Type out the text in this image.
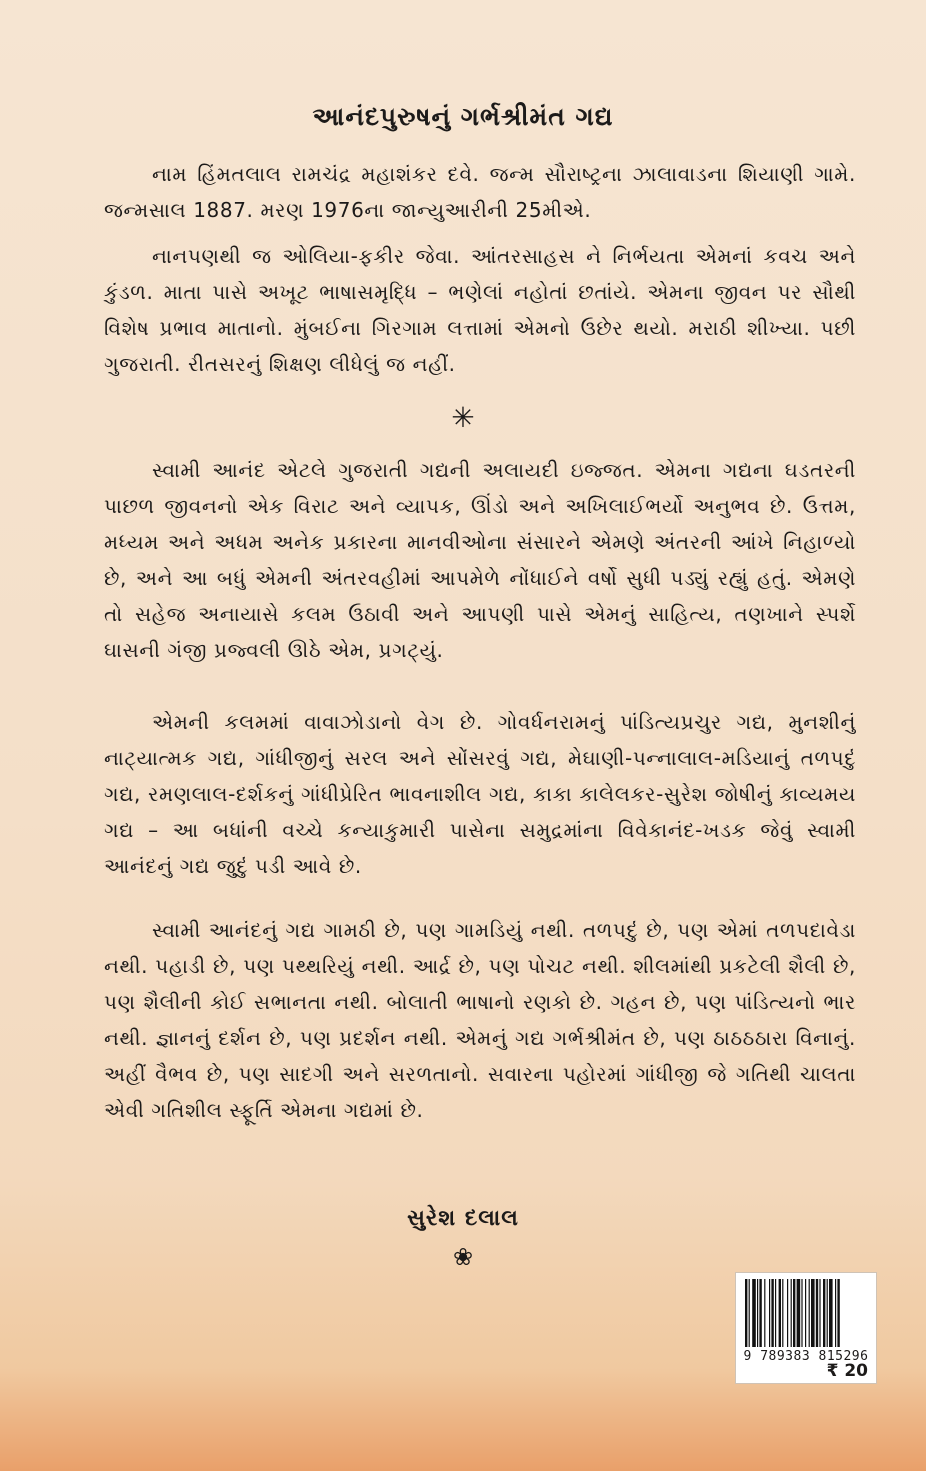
આનંદપુરુષનું ગર્ભશ્રીમંત ગદ્ય

નામ હિંમતલાલ રામચંદ્ર મહાશંકર દવે. જન્મ સૌરાષ્ટ્રના ઝાલાવાડના શિયાણી ગામે. જન્મસાલ 1887. મરણ 1976ના જાન્યુઆરીની 25મીએ.

નાનપણથી જ ઓલિયા-ફકીર જેવા. આંતરસાહસ ને નિર્ભયતા એમનાં કવચ અને કુંડળ. માતા પાસે અખૂટ ભાષાસમૃદ્ધિ – ભણેલાં નહોતાં છતાંયે. એમના જીવન પર સૌથી વિશેષ પ્રભાવ માતાનો. મુંબઈના ગિરગામ લત્તામાં એમનો ઉછેર થયો. મરાઠી શીખ્યા. પછી ગુજરાતી. રીતસરનું શિક્ષણ લીધેલું જ નહીં.

✳

સ્વામી આનંદ એટલે ગુજરાતી ગદ્યની અલાયદી ઇજ્જત. એમના ગદ્યના ઘડતરની પાછળ જીવનનો એક વિરાટ અને વ્યાપક, ઊંડો અને અખિલાઈભર્યો અનુભવ છે. ઉત્તમ, મધ્યમ અને અધમ અનેક પ્રકારના માનવીઓના સંસારને એમણે અંતરની આંખે નિહાળ્યો છે, અને આ બધું એમની અંતરવહીમાં આપમેળે નોંધાઈને વર્ષો સુધી પડ્યું રહ્યું હતું. એમણે તો સહેજ અનાયાસે કલમ ઉઠાવી અને આપણી પાસે એમનું સાહિત્ય, તણખાને સ્પર્શે ઘાસની ગંજી પ્રજ્વલી ઊઠે એમ, પ્રગટ્યું.

એમની કલમમાં વાવાઝોડાનો વેગ છે. ગોવર્ધનરામનું પાંડિત્યપ્રચુર ગદ્ય, મુનશીનું નાટ્યાત્મક ગદ્ય, ગાંધીજીનું સરલ અને સોંસરવું ગદ્ય, મેઘાણી-પન્નાલાલ-મડિયાનું તળપદું ગદ્ય, રમણલાલ-દર્શકનું ગાંધીપ્રેરિત ભાવનાશીલ ગદ્ય, કાકા કાલેલકર-સુરેશ જોષીનું કાવ્યમય ગદ્ય – આ બધાંની વચ્ચે કન્યાકુમારી પાસેના સમુદ્રમાંના વિવેકાનંદ-ખડક જેવું સ્વામી આનંદનું ગદ્ય જુદું પડી આવે છે.

સ્વામી આનંદનું ગદ્ય ગામઠી છે, પણ ગામડિયું નથી. તળપદું છે, પણ એમાં તળપદાવેડા નથી. પહાડી છે, પણ પથ્થરિયું નથી. આર્દ્ર છે, પણ પોચટ નથી. શીલમાંથી પ્રકટેલી શૈલી છે, પણ શૈલીની કોઈ સભાનતા નથી. બોલાતી ભાષાનો રણકો છે. ગહન છે, પણ પાંડિત્યનો ભાર નથી. જ્ઞાનનું દર્શન છે, પણ પ્રદર્શન નથી. એમનું ગદ્ય ગર્ભશ્રીમંત છે, પણ ઠાઠઠઠારા વિનાનું. અહીં વૈભવ છે, પણ સાદગી અને સરળતાનો. સવારના પહોરમાં ગાંધીજી જે ગતિથી ચાલતા એવી ગતિશીલ સ્ફૂર્તિ એમના ગદ્યમાં છે.

સુરેશ દલાલ
❀
9 789383 815296
₹ 20
